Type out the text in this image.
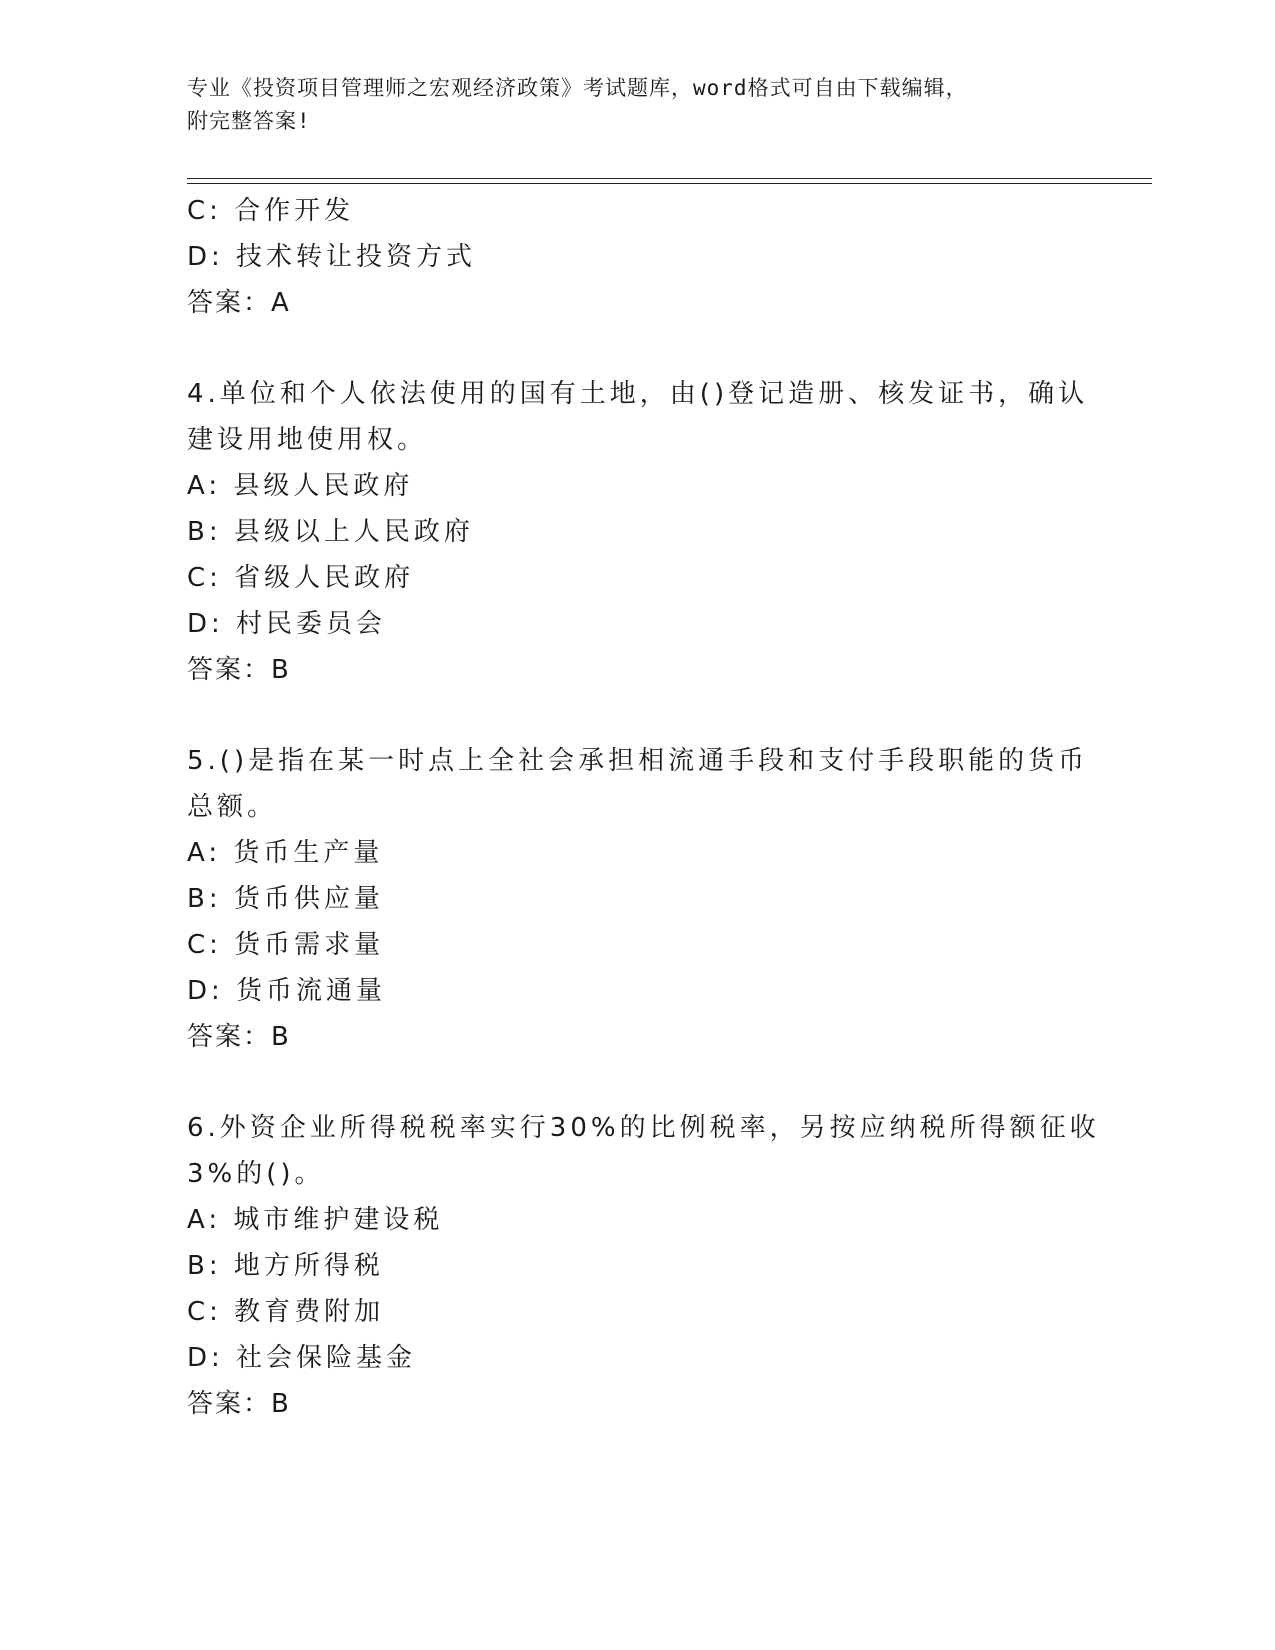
专业《投资项目管理师之宏观经济政策》考试题库，word格式可自由下载编辑，
附完整答案!
C: 合作开发
D: 技术转让投资方式
答案：A
4.单位和个人依法使用的国有土地，由()登记造册、核发证书，确认
建设用地使用权。
A: 县级人民政府
B: 县级以上人民政府
C: 省级人民政府
D: 村民委员会
答案：B
5.()是指在某一时点上全社会承担相流通手段和支付手段职能的货币
总额。
A: 货币生产量
B: 货币供应量
C: 货币需求量
D: 货币流通量
答案：B
6.外资企业所得税税率实行30%的比例税率，另按应纳税所得额征收
3%的()。
A: 城市维护建设税
B: 地方所得税
C: 教育费附加
D: 社会保险基金
答案：B
